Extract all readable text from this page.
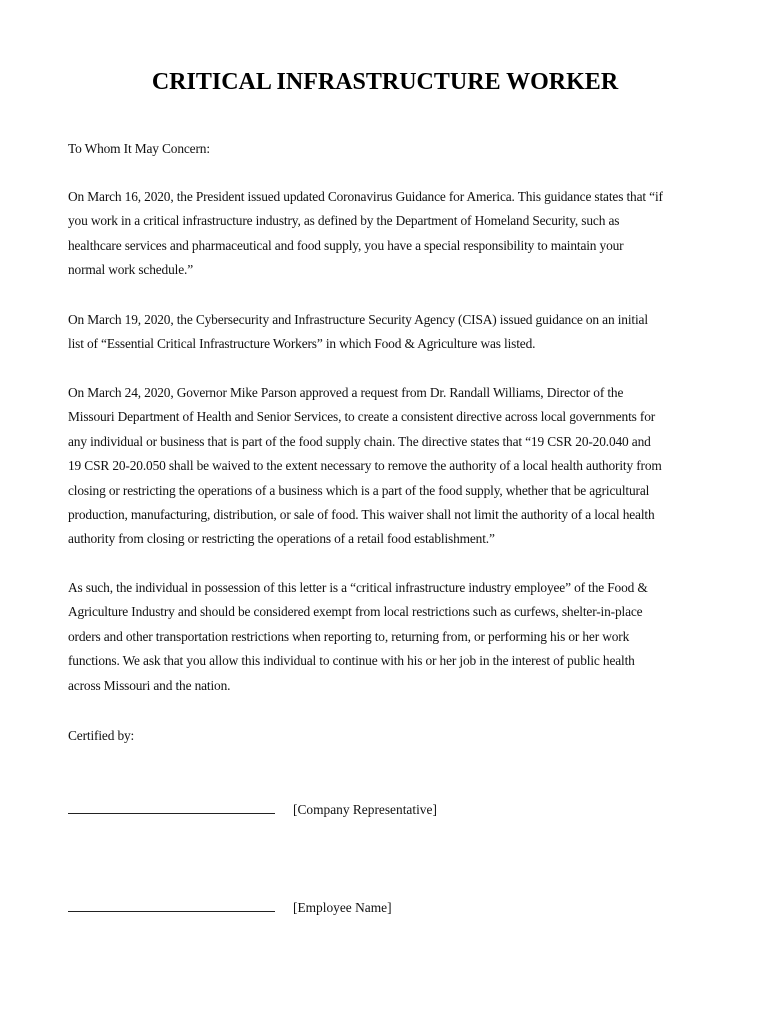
CRITICAL INFRASTRUCTURE WORKER
To Whom It May Concern:
On March 16, 2020, the President issued updated Coronavirus Guidance for America. This guidance states that “if
you work in a critical infrastructure industry, as defined by the Department of Homeland Security, such as
healthcare services and pharmaceutical and food supply, you have a special responsibility to maintain your
normal work schedule.”
On March 19, 2020, the Cybersecurity and Infrastructure Security Agency (CISA) issued guidance on an initial
list of “Essential Critical Infrastructure Workers” in which Food & Agriculture was listed.
On March 24, 2020, Governor Mike Parson approved a request from Dr. Randall Williams, Director of the
Missouri Department of Health and Senior Services, to create a consistent directive across local governments for
any individual or business that is part of the food supply chain. The directive states that “19 CSR 20-20.040 and
19 CSR 20-20.050 shall be waived to the extent necessary to remove the authority of a local health authority from
closing or restricting the operations of a business which is a part of the food supply, whether that be agricultural
production, manufacturing, distribution, or sale of food. This waiver shall not limit the authority of a local health
authority from closing or restricting the operations of a retail food establishment.”
As such, the individual in possession of this letter is a “critical infrastructure industry employee” of the Food &
Agriculture Industry and should be considered exempt from local restrictions such as curfews, shelter-in-place
orders and other transportation restrictions when reporting to, returning from, or performing his or her work
functions. We ask that you allow this individual to continue with his or her job in the interest of public health
across Missouri and the nation.
Certified by:
[Company Representative]
[Employee Name]
